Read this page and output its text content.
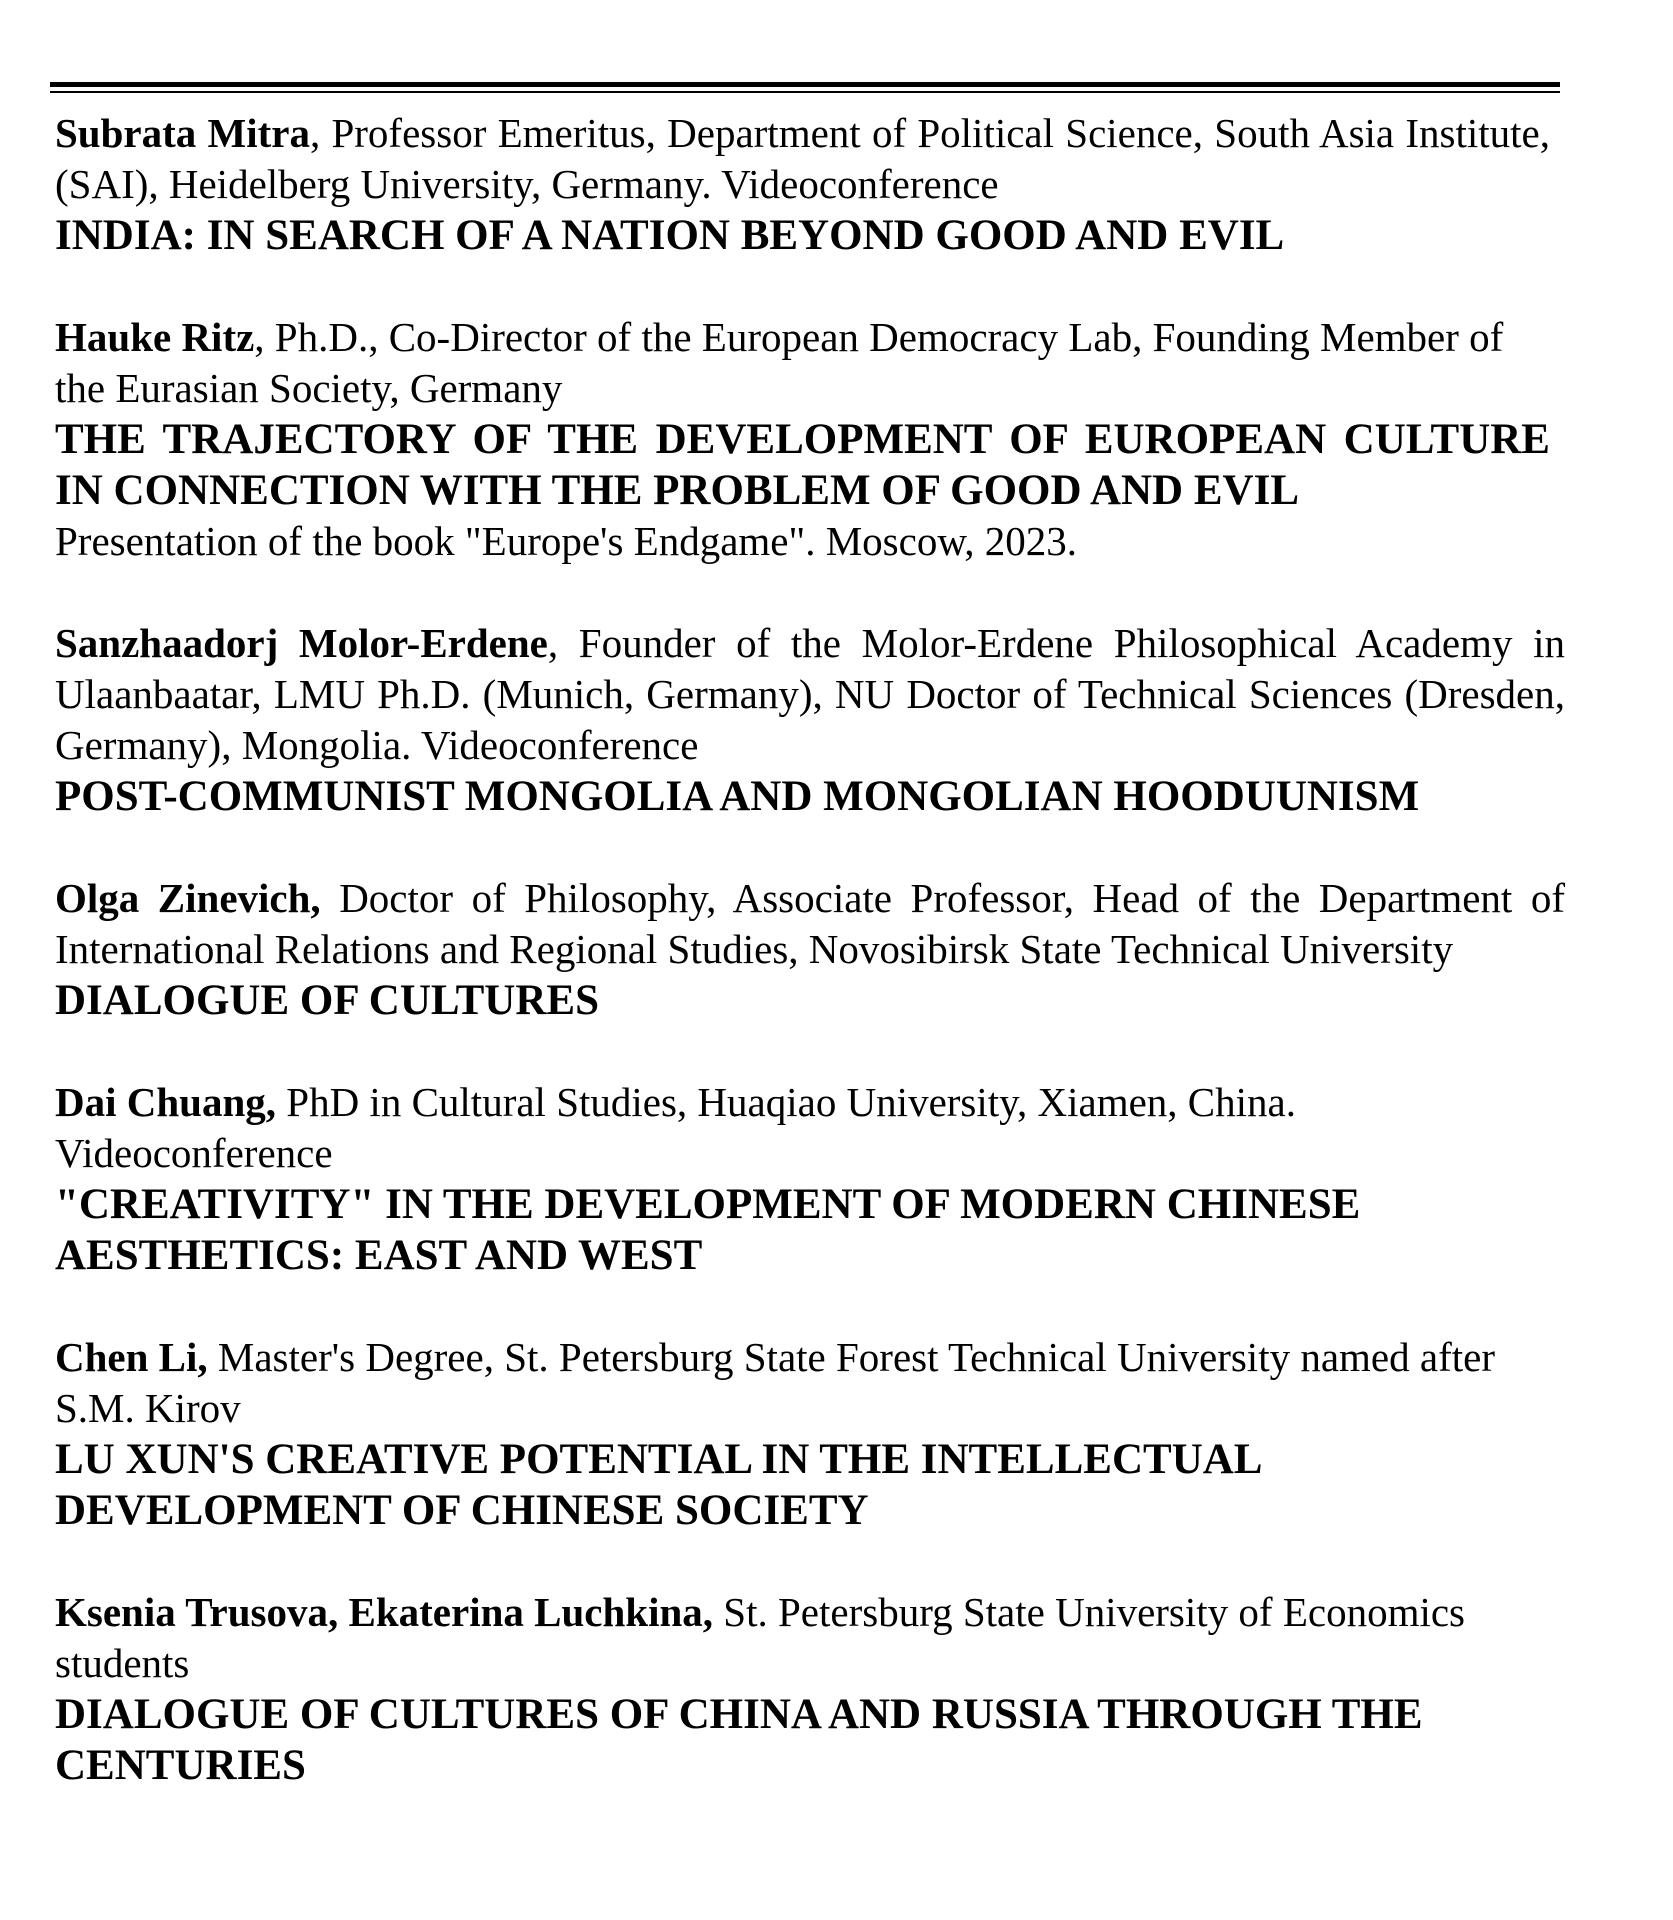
Subrata Mitra, Professor Emeritus, Department of Political Science, South Asia Institute, (SAI), Heidelberg University, Germany. Videoconference
INDIA: IN SEARCH OF A NATION BEYOND GOOD AND EVIL
Hauke Ritz, Ph.D., Co-Director of the European Democracy Lab, Founding Member of the Eurasian Society, Germany
THE TRAJECTORY OF THE DEVELOPMENT OF EUROPEAN CULTURE IN CONNECTION WITH THE PROBLEM OF GOOD AND EVIL
Presentation of the book "Europe's Endgame". Moscow, 2023.
Sanzhaadorj Molor-Erdene, Founder of the Molor-Erdene Philosophical Academy in Ulaanbaatar, LMU Ph.D. (Munich, Germany), NU Doctor of Technical Sciences (Dresden, Germany), Mongolia. Videoconference
POST-COMMUNIST MONGOLIA AND MONGOLIAN HOODUUNISM
Olga Zinevich, Doctor of Philosophy, Associate Professor, Head of the Department of International Relations and Regional Studies, Novosibirsk State Technical University
DIALOGUE OF CULTURES
Dai Chuang, PhD in Cultural Studies, Huaqiao University, Xiamen, China. Videoconference
"CREATIVITY" IN THE DEVELOPMENT OF MODERN CHINESE AESTHETICS: EAST AND WEST
Chen Li, Master's Degree, St. Petersburg State Forest Technical University named after S.M. Kirov
LU XUN'S CREATIVE POTENTIAL IN THE INTELLECTUAL DEVELOPMENT OF CHINESE SOCIETY
Ksenia Trusova, Ekaterina Luchkina, St. Petersburg State University of Economics students
DIALOGUE OF CULTURES OF CHINA AND RUSSIA THROUGH THE CENTURIES
